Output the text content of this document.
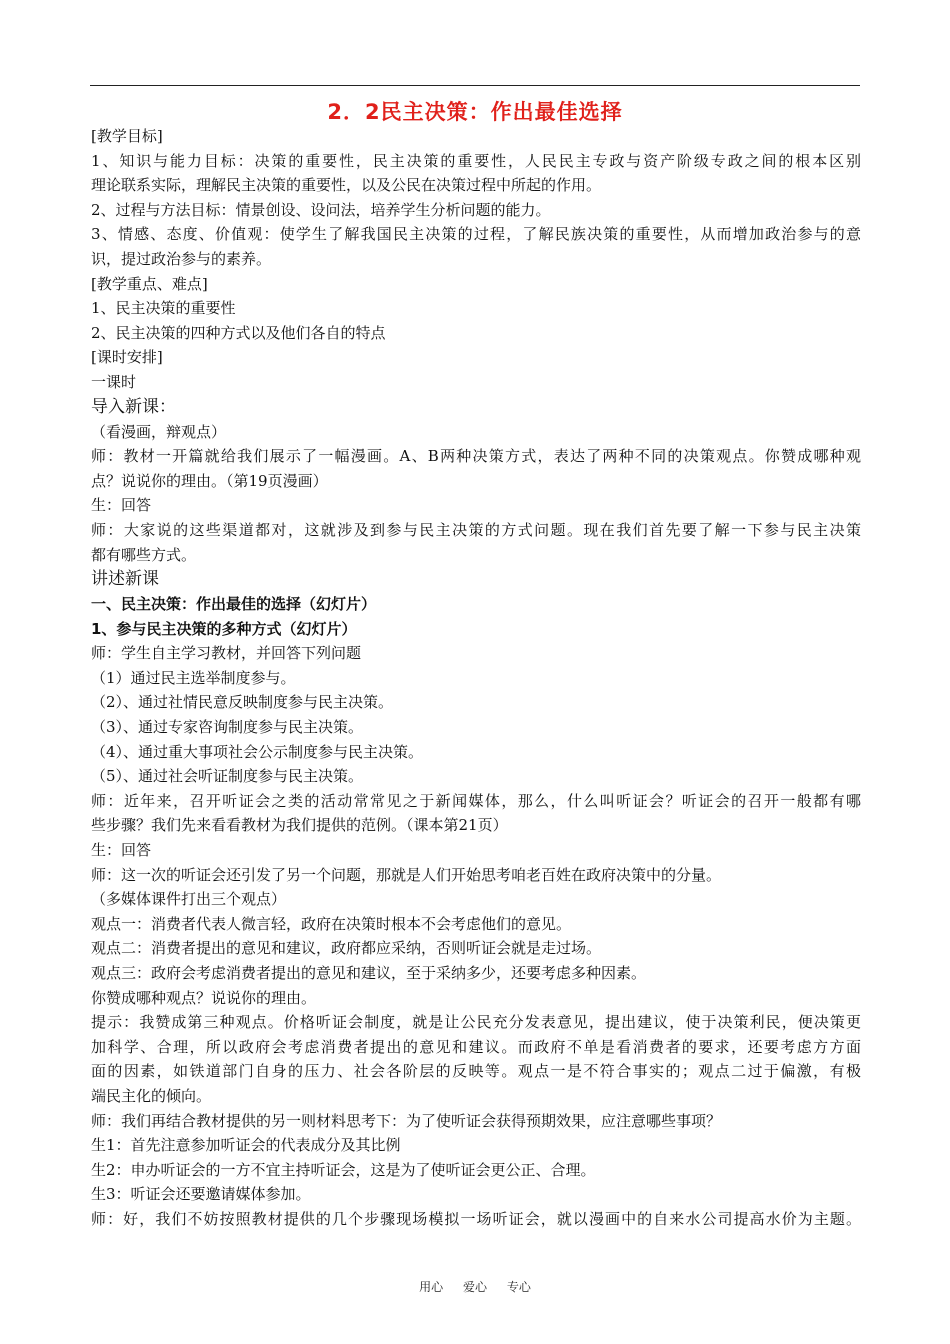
2．2民主决策：作出最佳选择
[教学目标]
1、知识与能力目标：决策的重要性，民主决策的重要性，人民民主专政与资产阶级专政之间的根本区别
理论联系实际，理解民主决策的重要性，以及公民在决策过程中所起的作用。
2、过程与方法目标：情景创设、设问法，培养学生分析问题的能力。
3、情感、态度、价值观：使学生了解我国民主决策的过程，了解民族决策的重要性，从而增加政治参与的意
识，提过政治参与的素养。
[教学重点、难点]
1、民主决策的重要性
2、民主决策的四种方式以及他们各自的特点
[课时安排]
一课时
导入新课：
（看漫画，辩观点）
师：教材一开篇就给我们展示了一幅漫画。A、B两种决策方式，表达了两种不同的决策观点。你赞成哪种观
点？说说你的理由。（第19页漫画）
生：回答
师：大家说的这些渠道都对，这就涉及到参与民主决策的方式问题。现在我们首先要了解一下参与民主决策
都有哪些方式。
讲述新课
一、民主决策：作出最佳的选择（幻灯片）
1、参与民主决策的多种方式（幻灯片）
师：学生自主学习教材，并回答下列问题
（1）通过民主选举制度参与。
（2）、通过社情民意反映制度参与民主决策。
（3）、通过专家咨询制度参与民主决策。
（4）、通过重大事项社会公示制度参与民主决策。
（5）、通过社会听证制度参与民主决策。
师：近年来，召开听证会之类的活动常常见之于新闻媒体，那么，什么叫听证会？听证会的召开一般都有哪
些步骤？我们先来看看教材为我们提供的范例。（课本第21页）
生：回答
师：这一次的听证会还引发了另一个问题，那就是人们开始思考咱老百姓在政府决策中的分量。
（多媒体课件打出三个观点）
观点一：消费者代表人微言轻，政府在决策时根本不会考虑他们的意见。
观点二：消费者提出的意见和建议，政府都应采纳，否则听证会就是走过场。
观点三：政府会考虑消费者提出的意见和建议，至于采纳多少，还要考虑多种因素。
你赞成哪种观点？说说你的理由。
提示：我赞成第三种观点。价格听证会制度，就是让公民充分发表意见，提出建议，使于决策利民，便决策更
加科学、合理，所以政府会考虑消费者提出的意见和建议。而政府不单是看消费者的要求，还要考虑方方面
面的因素，如铁道部门自身的压力、社会各阶层的反映等。观点一是不符合事实的；观点二过于偏激，有极
端民主化的倾向。
师：我们再结合教材提供的另一则材料思考下：为了使听证会获得预期效果，应注意哪些事项？
生1：首先注意参加听证会的代表成分及其比例
生2：申办听证会的一方不宜主持听证会，这是为了使听证会更公正、合理。
生3：听证会还要邀请媒体参加。
师：好，我们不妨按照教材提供的几个步骤现场模拟一场听证会，就以漫画中的自来水公司提高水价为主题。
用心 爱心 专心
